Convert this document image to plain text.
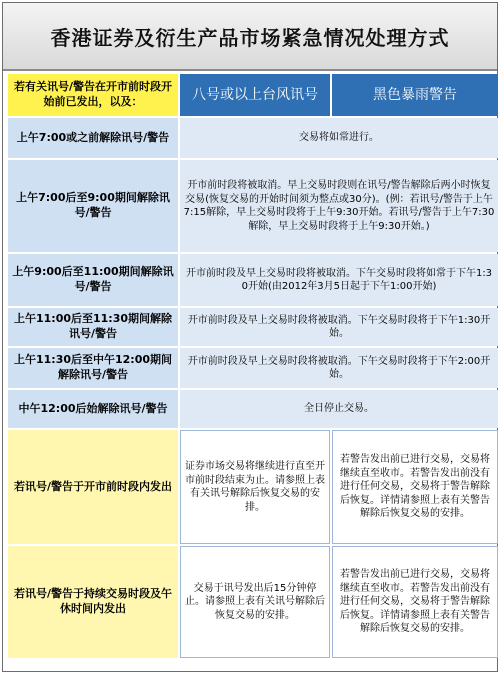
香港证券及衍生产品市场紧急情况处理方式
若有关讯号/警告在开市前时段开始前已发出，以及：	八号或以上台风讯号	黑色暴雨警告
上午7:00或之前解除讯号/警告	交易将如常进行。	
上午7:00后至9:00期间解除讯号/警告	开市前时段将被取消。早上交易时段则在讯号/警告解除后两小时恢复交易(恢复交易的开始时间须为整点或30分)。(例：若讯号/警告于上午7:15解除，早上交易时段将于上午9:30开始。若讯号/警告于上午7:30解除，早上交易时段将于上午9:30开始。)	
上午9:00后至11:00期间解除讯号/警告	开市前时段及早上交易时段将被取消。下午交易时段将如常于下午1:30开始(由2012年3月5日起于下午1:00开始)	
上午11:00后至11:30期间解除讯号/警告	开市前时段及早上交易时段将被取消。下午交易时段将于下午1:30开始。	
上午11:30后至中午12:00期间解除讯号/警告	开市前时段及早上交易时段将被取消。下午交易时段将于下午2:00开始。	
中午12:00后始解除讯号/警告	全日停止交易。	
若讯号/警告于开市前时段内发出	证券市场交易将继续进行直至开市前时段结束为止。请参照上表有关讯号解除后恢复交易的安排。	若警告发出前已进行交易，交易将继续直至收市。若警告发出前没有进行任何交易，交易将于警告解除后恢复。详情请参照上表有关警告解除后恢复交易的安排。
若讯号/警告于持续交易时段及午休时间内发出	交易于讯号发出后15分钟停止。请参照上表有关讯号解除后恢复交易的安排。	若警告发出前已进行交易，交易将继续直至收市。若警告发出前没有进行任何交易，交易将于警告解除后恢复。详情请参照上表有关警告解除后恢复交易的安排。
